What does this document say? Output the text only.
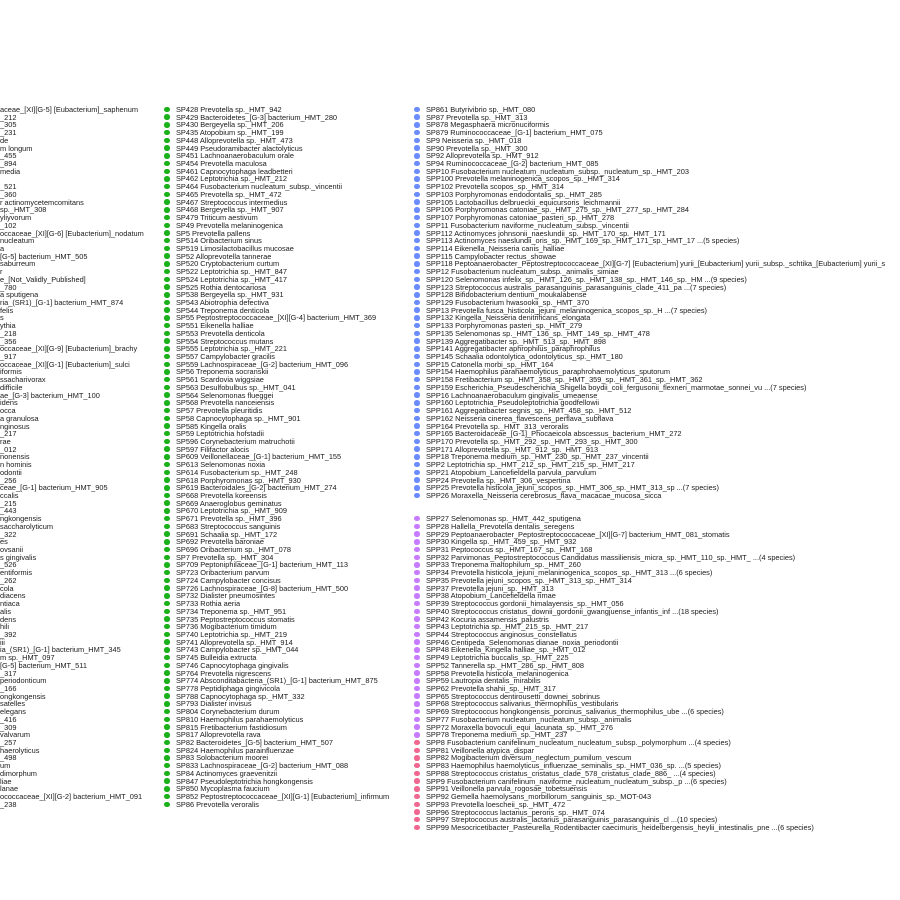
aceae_[XI][G-5] [Eubacterium]_saphenum
_212
_305
_231
de
m longum
_455
_894
media
_521
_360
r actinomycetemcomitans
sp._HMT_308
yliyvorum
_102
occaceae_[XI][G-6] [Eubacterium]_nodatum
nucleatum
a
[G-5] bacterium_HMT_505
saburreum
r
e_[Not_Validly_Published]
_780
a sputigena
ria_(SR1)_[G-1] bacterium_HMT_874
felis
s
ythia
_218
_356
occaceae_[XI][G-9] [Eubacterium]_brachy
_917
occaceae_[XI][G-1] [Eubacterium]_sulci
iformis
ssacharivorax
difficile
ae_[G-3] bacterium_HMT_100
idens
occa
a granulosa
nginosus
_217
rae
_012
nonensis
n hominis
odontii
_256
ceae_[G-1] bacterium_HMT_905
ccalis
_215
_443
ngkongensis
saccharolyticum
_322
es
ovsanii
s gingivalis
_526
entiformis
_262
cola
diacens
ntiaca
alis
dens
hili
_392
iii
ia_(SR1)_[G-1] bacterium_HMT_345
m sp._HMT_097
[G-5] bacterium_HMT_511
_317
periodonticum
_166
ongkongensis
satelles
elegans
_416
_309
valvarum
_257
haerolyticus
_498
um
dimorphum
liae
lanae
ococcaceae_[XI][G-2] bacterium_HMT_091
_238
SP428 Prevotella sp._HMT_942
SP429 Bacteroidetes_[G-3] bacterium_HMT_280
SP430 Bergeyella sp._HMT_206
SP435 Atopobium sp._HMT_199
SP448 Alloprevotella sp._HMT_473
SP449 Pseudoramibacter alactolyticus
SP451 Lachnoanaerobaculum orale
SP454 Prevotella maculosa
SP461 Capnocytophaga leadbetteri
SP462 Leptotrichia sp._HMT_212
SP464 Fusobacterium nucleatum_subsp._vincentii
SP465 Prevotella sp._HMT_472
SP467 Streptococcus intermedius
SP468 Bergeyella sp._HMT_907
SP479 Triticum aestivum
SP49 Prevotella melaninogenica
SP5 Prevotella pallens
SP514 Oribacterium sinus
SP519 Limosilactobacillus mucosae
SP52 Alloprevotella tannerae
SP520 Cryptobacterium curtum
SP522 Leptotrichia sp._HMT_847
SP524 Leptotrichia sp._HMT_417
SP525 Rothia dentocariosa
SP538 Bergeyella sp._HMT_931
SP543 Abiotrophia defectiva
SP544 Treponema denticola
SP55 Peptostreptococcaceae_[XI][G-4] bacterium_HMT_369
SP551 Eikenella halliae
SP553 Prevotella denticola
SP554 Streptococcus mutans
SP555 Leptotrichia sp._HMT_221
SP557 Campylobacter gracilis
SP559 Lachnospiraceae_[G-2] bacterium_HMT_096
SP56 Treponema socranskii
SP561 Scardovia wiggsiae
SP563 Desulfobulbus sp._HMT_041
SP564 Selenomonas flueggei
SP568 Prevotella nanceiensis
SP57 Prevotella pleuritidis
SP58 Capnocytophaga sp._HMT_901
SP585 Kingella oralis
SP59 Leptotrichia hofstadii
SP596 Corynebacterium matruchotii
SP597 Filifactor alocis
SP609 Veillonellaceae_[G-1] bacterium_HMT_155
SP613 Selenomonas noxia
SP614 Fusobacterium sp._HMT_248
SP618 Porphyromonas sp._HMT_930
SP619 Bacteroidales_[G-2] bacterium_HMT_274
SP668 Prevotella koreensis
SP669 Anaeroglobus geminatus
SP670 Leptotrichia sp._HMT_909
SP671 Prevotella sp._HMT_396
SP683 Streptococcus sanguinis
SP691 Schaalia sp._HMT_172
SP692 Prevotella baroniae
SP696 Oribacterium sp._HMT_078
SP7 Prevotella sp._HMT_304
SP709 Peptoniphilaceae_[G-1] bacterium_HMT_113
SP723 Oribacterium parvum
SP724 Campylobacter concisus
SP726 Lachnospiraceae_[G-8] bacterium_HMT_500
SP732 Dialister pneumosintes
SP733 Rothia aeria
SP734 Treponema sp._HMT_951
SP735 Peptostreptococcus stomatis
SP736 Mogibacterium timidum
SP740 Leptotrichia sp._HMT_219
SP741 Alloprevotella sp._HMT_914
SP743 Campylobacter sp._HMT_044
SP745 Bulleidia extructa
SP746 Capnocytophaga gingivalis
SP764 Prevotella nigrescens
SP774 Absconditabacteria_(SR1)_[G-1] bacterium_HMT_875
SP778 Peptidiphaga gingivicola
SP788 Capnocytophaga sp._HMT_332
SP793 Dialister invisus
SP804 Corynebacterium durum
SP810 Haemophilus parahaemolyticus
SP815 Fretibacterium fastidiosum
SP817 Alloprevotella rava
SP82 Bacteroidetes_[G-5] bacterium_HMT_507
SP824 Haemophilus parainfluenzae
SP83 Solobacterium moorei
SP833 Lachnospiraceae_[G-2] bacterium_HMT_088
SP84 Actinomyces graevenitzii
SP847 Pseudoleptotrichia hongkongensis
SP850 Mycoplasma faucium
SP852 Peptostreptococcaceae_[XI][G-1] [Eubacterium]_infirmum
SP86 Prevotella veroralis
SP861 Butyrivibrio sp._HMT_080
SP87 Prevotella sp._HMT_313
SP878 Megasphaera micronuciformis
SP879 Ruminococcaceae_[G-1] bacterium_HMT_075
SP9 Neisseria sp._HMT_018
SP90 Prevotella sp._HMT_300
SP92 Alloprevotella sp._HMT_912
SP94 Ruminococcaceae_[G-2] bacterium_HMT_085
SPP10 Fusobacterium nucleatum_nucleatum_subsp._nucleatum_sp._HMT_203
SPP100 Prevotella melaninogenica_scopos_sp._HMT_314
SPP102 Prevotella scopos_sp._HMT_314
SPP103 Porphyromonas endodontalis_sp._HMT_285
SPP105 Lactobacillus delbrueckii_equicursoris_leichmannii
SPP106 Porphyromonas catoniae_sp._HMT_275_sp._HMT_277_sp._HMT_284
SPP107 Porphyromonas catoniae_pasteri_sp._HMT_278
SPP11 Fusobacterium naviforme_nucleatum_subsp._vincentii
SPP112 Actinomyces johnsonii_naeslundii_sp._HMT_170_sp._HMT_171
SPP113 Actinomyces naeslundii_oris_sp._HMT_169_sp._HMT_171_sp._HMT_17 ...(5 species)
SPP114 Eikenella_Neisseria canis_halliae
SPP115 Campylobacter rectus_showae
SPP118 Peptoanaerobacter_Peptostreptococcaceae_[XI][G-7] [Eubacterium] yurii_[Eubacterium] yurii_subsp._schtika_[Eubacterium] yurii_s
SPP12 Fusobacterium nucleatum_subsp._animalis_simiae
SPP120 Selenomonas infelix_sp._HMT_126_sp._HMT_138_sp._HMT_146_sp._HM ...(9 species)
SPP123 Streptococcus australis_parasanguinis_parasanguinis_clade_411_pa ...(7 species)
SPP128 Bifidobacterium dentium_moukalabense
SPP129 Fusobacterium hwasookii_sp._HMT_370
SPP13 Prevotella fusca_histicola_jejuni_melaninogenica_scopos_sp._H ...(7 species)
SPP132 Kingella_Neisseria denitrificans_elongata
SPP133 Porphyromonas pasteri_sp._HMT_279
SPP135 Selenomonas sp._HMT_136_sp._HMT_149_sp._HMT_478
SPP139 Aggregatibacter sp._HMT_513_sp._HMT_898
SPP141 Aggregatibacter aphrophilus_paraphrophilus
SPP145 Schaalia odontolytica_odontolyticus_sp._HMT_180
SPP15 Catonella morbi_sp._HMT_164
SPP154 Haemophilus parahaemolyticus_paraphrohaemolyticus_sputorum
SPP158 Fretibacterium sp._HMT_358_sp._HMT_359_sp._HMT_361_sp._HMT_362
SPP159 Escherichia_Pseudescherichia_Shigella boydii_coli_fergusonii_flexneri_marmotae_sonnei_vu ...(7 species)
SPP16 Lachnoanaerobaculum gingivalis_umeaense
SPP160 Leptotrichia_Pseudoleptotrichia goodfellowii
SPP161 Aggregatibacter segnis_sp._HMT_458_sp._HMT_512
SPP162 Neisseria cinerea_flavescens_perflava_subflava
SPP164 Prevotella sp._HMT_313_veroralis
SPP165 Bacteroidaceae_[G-1]_Phocaeicola abscessus_bacterium_HMT_272
SPP170 Prevotella sp._HMT_292_sp._HMT_293_sp._HMT_300
SPP171 Alloprevotella sp._HMT_912_sp._HMT_913
SPP18 Treponema medium_sp._HMT_230_sp._HMT_237_vincentii
SPP2 Leptotrichia sp._HMT_212_sp._HMT_215_sp._HMT_217
SPP21 Atopobium_Lancefieldella parvula_parvulum
SPP24 Prevotella sp._HMT_306_vespertina
SPP25 Prevotella histicola_jejuni_scopos_sp._HMT_306_sp._HMT_313_sp ...(7 species)
SPP26 Moraxella_Neisseria cerebrosus_flava_macacae_mucosa_sicca
SPP27 Selenomonas sp._HMT_442_sputigena
SPP28 Hallella_Prevotella dentalis_seregens
SPP29 Peptoanaerobacter_Peptostreptococcaceae_[XI][G-7] bacterium_HMT_081_stomatis
SPP30 Kingella sp._HMT_459_sp._HMT_932
SPP31 Peptococcus sp._HMT_167_sp._HMT_168
SPP32 Parvimonas_Peptostreptococcus Candidatus massiliensis_micra_sp._HMT_110_sp._HMT_ ...(4 species)
SPP33 Treponema maltophilum_sp._HMT_260
SPP34 Prevotella histicola_jejuni_melaninogenica_scopos_sp._HMT_313 ...(6 species)
SPP35 Prevotella jejuni_scopos_sp._HMT_313_sp._HMT_314
SPP37 Prevotella jejuni_sp._HMT_313
SPP38 Atopobium_Lancefieldella rimae
SPP39 Streptococcus gordonii_himalayensis_sp._HMT_056
SPP40 Streptococcus cristatus_downii_gordonii_gwangjuense_infantis_inf ...(18 species)
SPP42 Kocuria assamensis_palustris
SPP43 Leptotrichia sp._HMT_215_sp._HMT_217
SPP44 Streptococcus anginosus_constellatus
SPP46 Centipeda_Selenomonas dianae_noxia_periodontii
SPP48 Eikenella_Kingella halliae_sp._HMT_012
SPP49 Leptotrichia buccalis_sp._HMT_225
SPP52 Tannerella sp._HMT_286_sp._HMT_808
SPP58 Prevotella histicola_melaninogenica
SPP59 Lautropia dentalis_mirabilis
SPP62 Prevotella shahii_sp._HMT_317
SPP65 Streptococcus dentirousetti_downei_sobrinus
SPP68 Streptococcus salivarius_thermophilus_vestibularis
SPP69 Streptococcus hongkongensis_porcinus_salivarius_thermophilus_ube ...(6 species)
SPP77 Fusobacterium nucleatum_nucleatum_subsp._animalis
SPP72 Moraxella bovoculi_equi_lacunata_sp._HMT_276
SPP78 Treponema medium_sp._HMT_237
SPP8 Fusobacterium canifelinum_nucleatum_nucleatum_subsp._polymorphum ...(4 species)
SPP81 Veillonella atypica_dispar
SPP82 Mogibacterium diversum_neglectum_pumilum_vescum
SPP83 Haemophilus haemolyticus_influenzae_seminalis_sp._HMT_036_sp. ...(5 species)
SPP88 Streptococcus cristatus_cristatus_clade_578_cristatus_clade_886_ ...(4 species)
SPP9 Fusobacterium canifelinum_naviforme_nucleatum_nucleatum_subsp._p ...(6 species)
SPP91 Veillonella parvula_rogosae_tobetsuensis
SPP92 Gemella haemolysans_morbillorum_sanguinis_sp._MOT-043
SPP93 Prevotella loescheii_sp._HMT_472
SPP96 Streptococcus lactarius_peroris_sp._HMT_074
SPP97 Streptococcus australis_lactarius_parasanguinis_parasanguinis_cl ...(10 species)
SPP99 Mesocricetibacter_Pasteurella_Rodentibacter caecimuris_heidelbergensis_heylii_intestinalis_pne ...(6 species)
